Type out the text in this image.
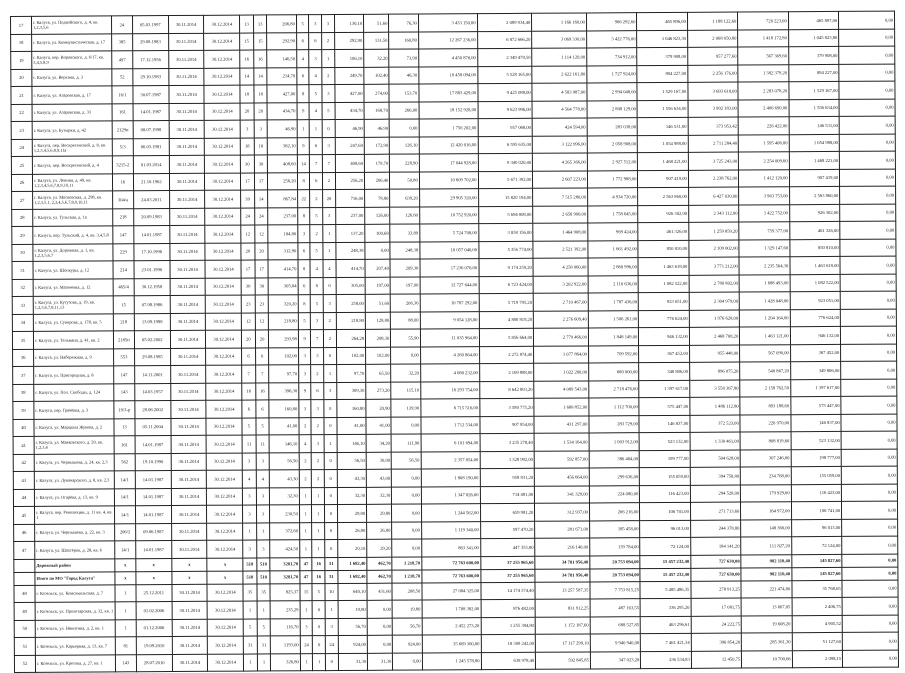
17	г. Калуга, ул. Подвойского, д. 4, кв. 1,2,3,5,6	24	05.03.1997	30.11.2014	30.12.2014	13	13	206,80	5	3	3	130,10	51,60	76,30	3 433 150,00	2 089 934,40	1 166 160,00	906 292,60	465 896,00	1 188 122,60	720 223,00	465 897,00	0,00
18	г. Калуга, ул. Коммунистическая, д. 17	385	29.08.1983	30.11.2014	30.12.2014	15	15	292,90	6	6	2	292,90	131,50	160,80	12 267 236,00	6 872 666,20	3 069 330,00	3 422 776,00	1 046 823,30	2 068 050,80	1 418 172,80	1 045 823,80	0,00
19	г. Калуга, пер. Воровского, д. 6/17, кв. 3,4,5,8,9	497	17.12.1956	30.11.2014	30.12.2014	16	16	146,50	4	3	1	106,10	32,20	73,90	4 450 870,00	2 349 478,50	1 114 120,00	734 912,00	379 908,00	957 277,60	567 369,60	379 908,00	0,00
20	г. Калуга, ул. Верхняя, д. 3	52	29.10.1983	30.11.2014	30.12.2014	14	14	214,70	6	4	2	249,70	102,40	46,30	10 458 094,00	5 528 165,00	2 622 161,80	1 727 924,00	894 227,00	2 256 176,00	1 382 379,20	894 227,00	0,00
21	г. Калуга, ул. Азаровская, д. 17	16/1	30.07.1987	30.11.2014	30.12.2014	18	18	427,00	8	5	3	427,00	274,00	153,70	17 883 429,00	9 425 088,00	4 583 987,00	2 994 048,00	1 529 167,00	3 693 618,00	2 283 078,20	1 529 167,00	0,00
22	г. Калуга, ул. Азаровская, д. 33	161	14.01.1987	30.11.2014	30.12.2014	20	20	434,70	9	4	5	434,70	168,70	266,00	18 152 928,00	9 623 996,00	4 564 778,00	2 808 129,00	1 556 634,00	3 902 183,00	2 406 690,00	1 556 634,00	0,00
23	г. Калуга, ул. Бутырки, д. 42	2129п	08.07.1998	30.11.2014	30.12.2014	3	3	46,90	1	1	0	46,90	46,90	0,00	1 756 202,00	957 068,00	424 594,00	283 038,00	146 531,00	373 953,42	226 422,00	146 531,00	0,00
24	г. Калуга, пер. Воскресенский, д. 8, кв. 1,2,3,4,5,6,8,9,11а	5/3	06.03.1981	30.11.2014	30.12.2014	18	18	382,10	9	6	3	247,60	172,90	126,10	12 420 016,00	6 595 635,00	3 122 996,00	2 058 908,00	1 054 988,00	2 711 284,40	1 595 406,00	1 054 988,00	0,00
25	г. Калуга, пер. Воскресенский, д. 4	3215-2	01.03.2014	30.11.2014	30.12.2014	30	30	408,60	14	7	7	408,60	179,70	228,90	17 044 928,00	9 340 020,40	4 265 366,00	2 927 512,00	1 468 221,00	3 725 243,00	2 254 009,60	1 468 221,00	0,00
26	г. Калуга, ул. Ленина, д. 49, кв. 1,2,3,4,5,6,7,8,9,10,11	16	21.10.1962	30.11.2014	30.12.2014	17	17	256,20	8	6	2	256,20	206,40	50,80	10 609 702,00	5 671 392,00	2 607 223,00	1 772 988,00	907 419,00	2 238 762,00	1 412 120,00	907 419,00	0,00
27	г. Калуга, ул. Московская, д. 298, кв. 1,2,3,5,1, 2,3,4,5,6,7,8,9,10,11	304/a	24.03.2011	30.11.2014	30.12.2014	39	14	867,84	22	2	20	716,00	78,80	639,20	29 905 320,00	15 820 194,00	7 515 280,00	4 934 720,00	2 563 860,00	6 427 030,00	3 963 753,00	2 563 860,00	0,00
28	г. Калуга, ул. Тульская, д. 1а	218	20.09.1983	30.11.2014	30.12.2014	24	24	237,00	8	5	3	237,00	126,00	126,60	10 752 920,00	5 694 008,00	2 658 900,00	1 758 645,00	926 302,00	2 343 112,00	1 422 752,00	926 302,00	0,00
29	г. Калуга, пер. Тульский, д. 4, кв. 3,4,5,8	147	14.01.1987	30.11.2014	30.12.2014	12	12	184,80	3	2	1	137,20	100,68	33,89	5 724 708,00	3 058 156,00	1 464 908,00	969 424,00	461 326,00	1 259 859,20	759 377,00	461 326,00	0,00
30	г. Калуга, ул. Дорожная, д. 1, кв. 1,2,3,5,6,7	229	17.10.1996	30.11.2014	30.12.2014	20	20	312,90	6	5	1	248,38	0,00	248,38	10 057 040,00	5 356 774,00	2 521 392,00	1 661 492,00	850 810,00	2 109 002,00	1 329 147,60	850 810,00	0,00
31	г. Калуга, ул. Шопкуры, д. 12	214	23.01.1996	30.11.2014	30.12.2014	17	17	414,70	8	4	4	414,70	207,40	209,30	17 236 076,00	9 174 259,20	4 258 060,00	2 860 996,00	1 463 618,00	3 771 212,00	2 235 564,30	1 463 618,00	0,00
32	г. Калуга, ул. Матвеевка, д. 12	465/4	30.12.1958	30.11.2014	30.12.2014	30	30	305,04	6	6	0	305,00	197,00	197,00	12 727 644,00	6 723 424,00	3 202 922,00	2 110 636,00	1 082 522,00	2 780 802,00	1 688 493,00	1 082 522,00	0,00
33	г. Калуга, ул. Кутузова, д. 19, кв. 1,2,3,6,7,8,11,13	15	07.08.1986	30.11.2014	30.12.2014	23	23	320,20	8	5	3	258,00	51,60	206,36	10 787 292,00	5 719 795,20	2 710 467,00	1 787 436,00	923 051,00	2 304 979,00	1 428 048,00	923 051,00	0,00
34	г. Калуга, ул. Суворова, д. 178, кв. 5	218	13.09.1988	30.11.2014	30.12.2014	12	12	218,80	5	3	2	218,80	128,80	88,00	9 054 128,00	4 800 819,20	2 276 609,40	1 506 261,00	776 624,00	1 976 628,00	1 204 164,00	776 624,00	0,00
35	г. Калуга, ул. Тельмана, д. 41, кв. 2	2185п	05.02.2002	30.11.2014	30.12.2014	20	20	293,98	9	7	2	264,28	208,30	55,90	11 035 964,00	5 856 664,00	2 779 466,00	1 848 149,00	946 132,00	2 468 708,20	1 463 121,00	946 132,00	0,00
36	г. Калуга, ул. Набережная, д. 9	553	29.08.1985	30.11.2014	30.12.2014	6	6	102,00	3	3	0	102,00	102,00	0,00	4 260 864,00	2 272 874,40	1 077 864,00	709 592,00	367 452,00	955 448,00	567 090,00	367 452,00	0,00
37	г. Калуга, ул. Пригородная, д. 8	147	14.11.2001	30.11.2014	30.12.2014	7	7	97,70	3	2	1	97,70	65,50	32,20	4 080 232,00	2 169 888,00	1 022 200,00	680 000,00	348 806,00	896 075,20	540 867,20	349 806,00	0,00
38	г. Калуга, ул. Пол. Свободы, д. 124	143	14.03.1957	30.11.2014	30.12.2014	16	16	396,30	9	6	3	309,30	273,20	115,10	16 293 754,00	8 642 803,20	4 089 543,00	2 718 476,00	1 397 617,00	3 558 367,80	2 158 762,50	1 397 617,00	0,00
39	г. Калуга, пер. Грачёвка, д. 3	19/3-р	28.06.2002	30.11.2014	30.12.2014	6	6	160,80	3	3	0	160,80	20,90	139,90	6 715 516,00	3 580 775,20	1 688 852,00	1 112 700,00	575 447,00	1 486 112,80	893 188,60	575 447,00	0,00
40	г. Калуга, ул. Маршала Жукова, д. 2	13	05.11.2004	30.11.2014	30.12.2014	5	5	41,00	2	2	0	41,00	41,00	0,00	1 712 534,00	907 854,00	431 297,00	283 729,00	146 837,00	372 523,00	226 970,00	146 837,00	0,00
41	г. Калуга, ул. Маяковского, д. 20, кв. 1,2,3,4	161	14.01.1987	30.11.2014	30.12.2014	11	11	146,10	4	3	1	146,10	34,20	111,90	6 101 694,00	3 235 278,40	1 534 164,00	1 003 912,00	523 132,00	1 330 461,00	808 819,60	523 132,00	0,00
42	г. Калуга, ул. Чернышева, д. 24, кв. 2,3	562	19.10.1990	30.11.2014	30.12.2014	3	3	56,50	2	2	0	56,50	30,00	56,50	2 357 854,00	1 328 992,00	592 857,00	386 484,00	199 777,00	504 628,00	307 246,00	198 777,00	0,00
43	г. Калуга, ул. Луначарского, д. 8, кв. 2,3	14/1	14.01.1987	30.11.2014	30.12.2014	4	4	43,30	2	2	0	43,30	43,00	0,00	1 808 190,00	958 831,20	456 664,00	299 636,00	155 059,00	394 758,80	234 768,00	155 059,00	0,00
44	г. Калуга, ул. Огарёва, д. 13, кв. 9	14/1	14.01.1987	30.11.2014	30.12.2014	3	3	32,30	1	1	0	32,30	32,30	0,00	1 347 826,00	714 481,00	341 329,00	224 080,00	116 423,00	294 528,00	179 929,00	116 423,00	0,00
45	г. Калуга, пер. Революции, д. 11 кв. 4, кв. 1	14/1	14.01.1987	30.11.2014	30.12.2014	3	3	230,50	1	1	0	29,80	29,80	0,00	1 244 562,00	659 981,20	312 937,00	206 216,00	106 741,00	271 713,60	164 972,00	106 741,00	0,00
46	г. Калуга, ул. Чернышева, д. 22, кв. 3	206/2	09.06.1987	30.11.2014	30.12.2014	1	1	372,60	1	1	0	26,80	26,80	0,00	1 119 340,00	597 470,20	281 671,00	185 458,00	96 013,00	244 378,80	148 366,00	96 013,00	0,00
47	г. Калуга, ул. Шахтёров, д. 28, кв. 6	14/1	14.01.1987	30.11.2014	30.12.2014	3	3	424,50	1	1	0	20,10	29,20	0,00	863 341,00	447 355,80	216 140,00	139 784,00	72 124,00	184 141,20	111 827,20	72 124,00	0,00
	Дорожный район	x	x	x	x	518	518	3281,70	47	16	31	1 682,40	462,70	1 218,70	72 763 600,00	37 255 965,60	34 781 956,40	20 753 094,00	15 457 232,40	727 630,00	982 110,40	145 827,60	0,00
	Итого по МО "Город Калуга"	x	x	x	x	518	518	3281,70	47	16	31	1 682,40	462,70	1 218,70	72 763 600,00	37 255 965,60	34 781 956,40	20 753 094,00	15 457 232,40	727 630,00	982 110,40	145 827,60	0,00
48	г. Козельск, ул. Комсомольская, д. 7	1	25.12.2011	30.11.2014	30.12.2014	35	35	825,37	15	5	10	640,10	431,60	208,50	27 084 325,00	14 174 374,40	13 257 587,35	7 753 815,25	5 485 486,35	278 913,25	221 474,80	35 768,65	0,00
49	г. Козельск, ул. Пролетарская, д. 32, кв. 1	1	01.02.2006	30.11.2014	30.12.2014	1	1	235,29	1	0	1	19,80	0,00	19,80	1 708 382,00	876 482,00	831 912,25	487 163,55	336 295,20	17 081,75	13 667,05	2 406,75	0,00
50	г. Козельск, ул. Никитина, д. 2, кв. 1	1	01.12.2006	30.11.2014	30.12.2014	5	5	116,70	3	0	3	56,70	0,00	56,70	2 452 273,20	1 255 384,80	1 172 187,60	688 527,85	463 296,61	24 222,75	19 608,20	4 905,52	0,00
51	г. Козельск, ул. Карьерная, д. 13, кв. 7	81	19.09.2010	30.11.2014	30.12.2014	31	31	1193,00	24	0	24	924,00	0,00	924,00	35 669 300,00	18 309 242,00	17 117 299,10	9 940 940,00	7 461 421,34	396 854,20	285 361,30	51 127,60	0,00
52	г. Козельск, ул. Кретова, д. 27, кв. 1	143	28.07.2010	30.11.2014	30.12.2014	1	1	326,80	1	1	0	31,30	31,30	0,00	1 245 578,80	638 978,40	592 845,85	347 023,20	236 534,83	12 450,75	10 700,66	2 098,15	0,00
